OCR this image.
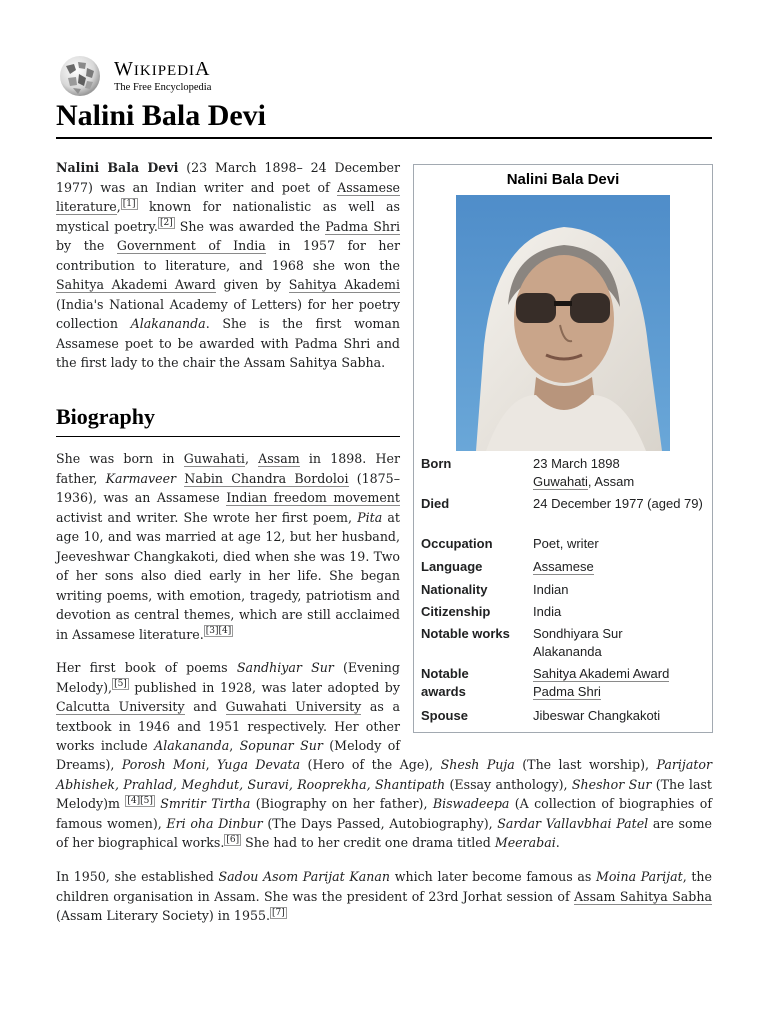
WIKIPEDIA
The Free Encyclopedia
Nalini Bala Devi

Nalini Bala Devi (23 March 1898– 24 December 1977) was an Indian writer and poet of Assamese literature, [1] known for nationalistic as well as mystical poetry. [2] She was awarded the Padma Shri by the Government of India in 1957 for her contribution to literature, and 1968 she won the Sahitya Akademi Award given by Sahitya Akademi (India's National Academy of Letters) for her poetry collection Alakananda. She is the first woman Assamese poet to be awarded with Padma Shri and the first lady to the chair the Assam Sahitya Sabha.

Biography

She was born in Guwahati, Assam in 1898. Her father, Karmaveer Nabin Chandra Bordoloi (1875–1936), was an Assamese Indian freedom movement activist and writer. She wrote her first poem, Pita at age 10, and was married at age 12, but her husband, Jeeveshwar Changkakoti, died when she was 19. Two of her sons also died early in her life. She began writing poems, with emotion, tragedy, patriotism and devotion as central themes, which are still acclaimed in Assamese literature. [3][4]

Her first book of poems Sandhiyar Sur (Evening Melody), [5] published in 1928, was later adopted by Calcutta University and Guwahati University as a textbook in 1946 and 1951 respectively. Her other works include Alakananda, Sopunar Sur (Melody of

Dreams), Porosh Moni, Yuga Devata (Hero of the Age), Shesh Puja (The last worship), Parijator Abhishek, Prahlad, Meghdut, Suravi, Rooprekha, Shantipath (Essay anthology), Sheshor Sur (The last Melody)m [4][5] Smritir Tirtha (Biography on her father), Biswadeepa (A collection of biographies of famous women), Eri oha Dinbur (The Days Passed, Autobiography), Sardar Vallavbhai Patel are some of her biographical works. [6] She had to her credit one drama titled Meerabai.

In 1950, she established Sadou Asom Parijat Kanan which later become famous as Moina Parijat, the children organisation in Assam. She was the president of 23rd Jorhat session of Assam Sahitya Sabha (Assam Literary Society) in 1955. [7]

Nalini Bala Devi
Born	23 March 1898
Guwahati, Assam
Died	24 December 1977 (aged 79)
Occupation	Poet, writer
Language	Assamese
Nationality	Indian
Citizenship	India
Notable works	Sondhiyara Sur
Alakananda
Notable awards
Sahitya Akademi Award
Padma Shri
Spouse	Jibeswar Changkakoti
